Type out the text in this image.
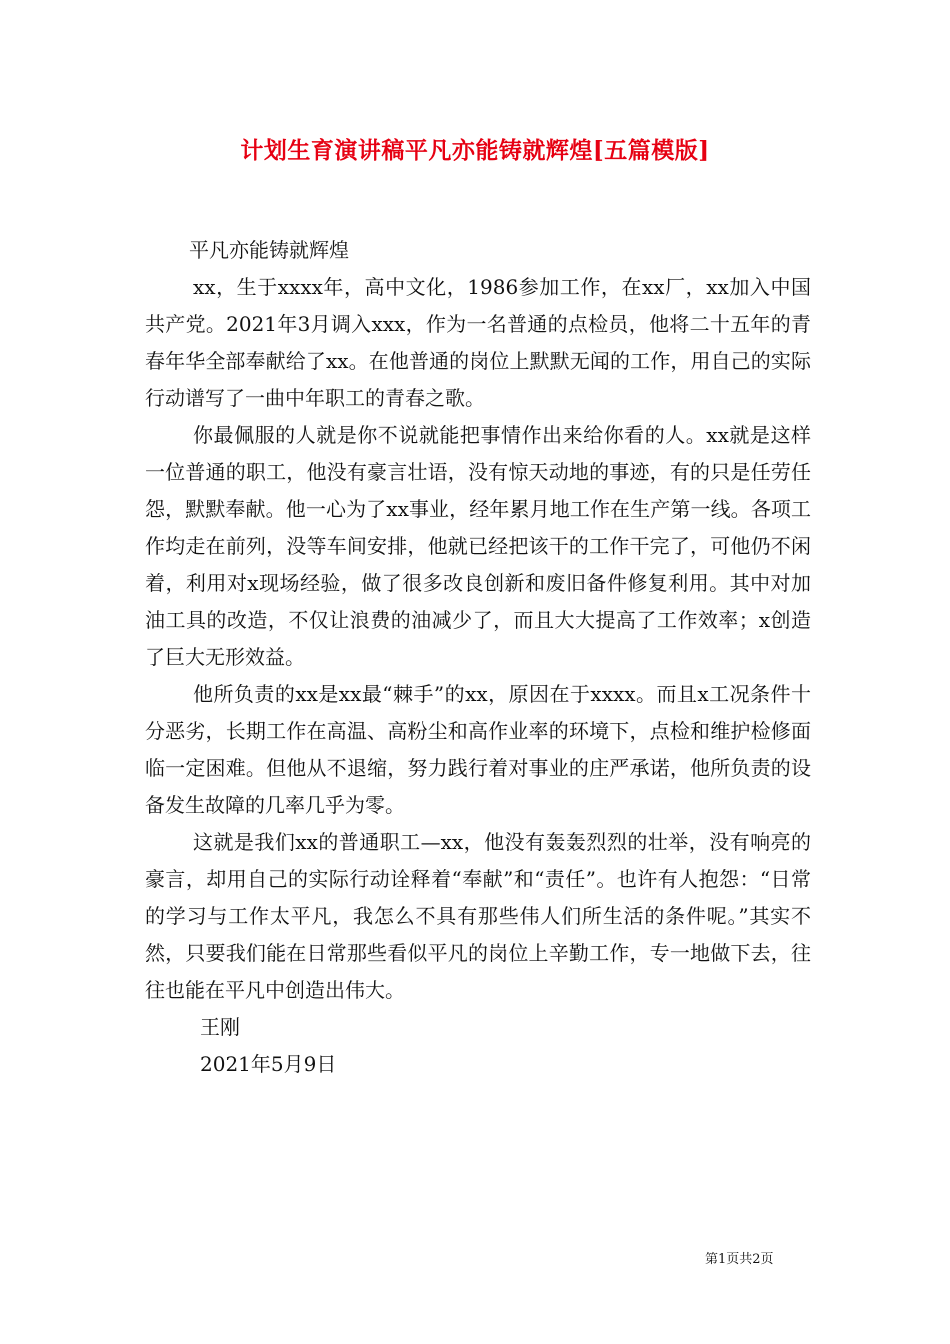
计划生育演讲稿平凡亦能铸就辉煌[五篇模版]

平凡亦能铸就辉煌

xx，生于xxxx年，高中文化，1986参加工作，在xx厂，xx加入中国共产党。2021年3月调入xxx，作为一名普通的点检员，他将二十五年的青春年华全部奉献给了xx。在他普通的岗位上默默无闻的工作，用自己的实际行动谱写了一曲中年职工的青春之歌。

你最佩服的人就是你不说就能把事情作出来给你看的人。xx就是这样一位普通的职工，他没有豪言壮语，没有惊天动地的事迹，有的只是任劳任怨，默默奉献。他一心为了xx事业，经年累月地工作在生产第一线。各项工作均走在前列，没等车间安排，他就已经把该干的工作干完了，可他仍不闲着，利用对x现场经验，做了很多改良创新和废旧备件修复利用。其中对加油工具的改造，不仅让浪费的油减少了，而且大大提高了工作效率；x创造了巨大无形效益。

他所负责的xx是xx最“棘手”的xx，原因在于xxxx。而且x工况条件十分恶劣，长期工作在高温、高粉尘和高作业率的环境下，点检和维护检修面临一定困难。但他从不退缩，努力践行着对事业的庄严承诺，他所负责的设备发生故障的几率几乎为零。

这就是我们xx的普通职工—xx，他没有轰轰烈烈的壮举，没有响亮的豪言，却用自己的实际行动诠释着“奉献”和“责任”。也许有人抱怨：“日常的学习与工作太平凡，我怎么不具有那些伟人们所生活的条件呢。”其实不然，只要我们能在日常那些看似平凡的岗位上辛勤工作，专一地做下去，往往也能在平凡中创造出伟大。

王刚

2021年5月9日

第1页共2页
